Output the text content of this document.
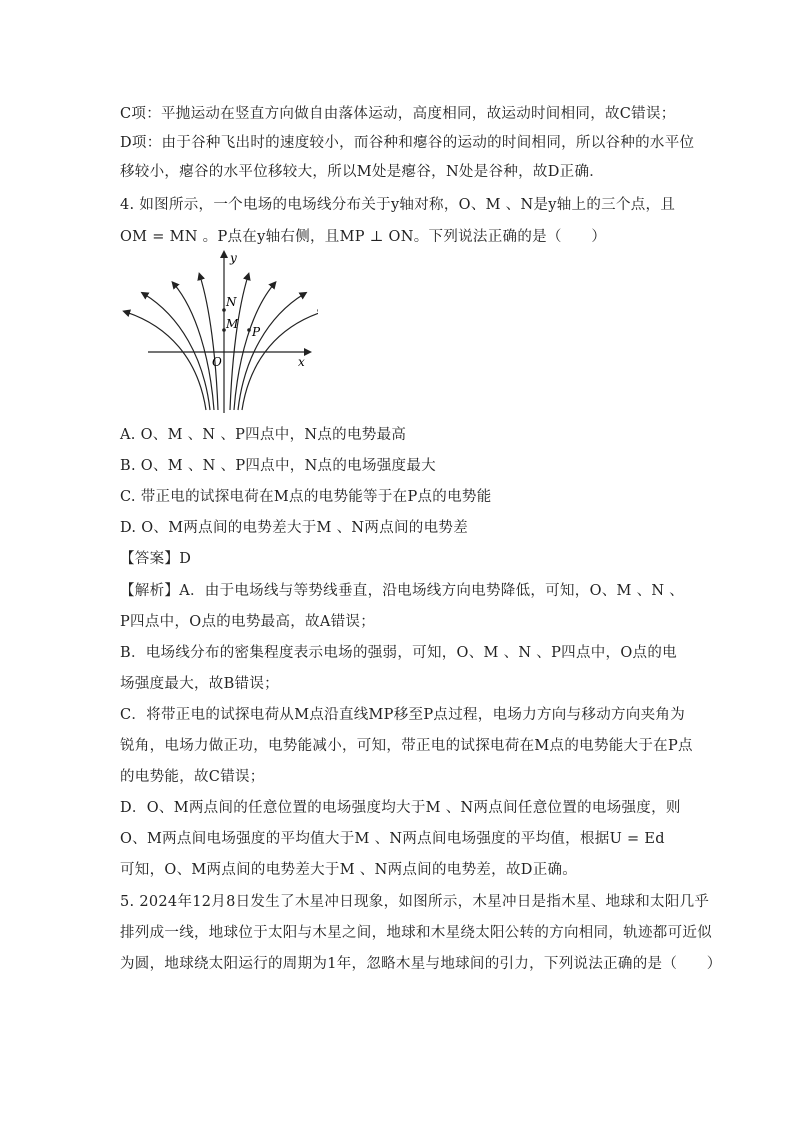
C项：平抛运动在竖直方向做自由落体运动，高度相同，故运动时间相同，故C错误；
D项：由于谷种飞出时的速度较小，而谷种和瘪谷的运动的时间相同，所以谷种的水平位
移较小，瘪谷的水平位移较大，所以M处是瘪谷，N处是谷种，故D正确．
4. 如图所示，一个电场的电场线分布关于y轴对称，O、M 、N是y轴上的三个点，且
OM = MN 。P点在y轴右侧，且MP ⊥ ON。下列说法正确的是（　　）
y
x
N
M
P
O
A. O、M 、N 、P四点中，N点的电势最高
B. O、M 、N 、P四点中，N点的电场强度最大
C. 带正电的试探电荷在M点的电势能等于在P点的电势能
D. O、M两点间的电势差大于M 、N两点间的电势差
【答案】D
【解析】A．由于电场线与等势线垂直，沿电场线方向电势降低，可知，O、M 、N 、
P四点中，O点的电势最高，故A错误；
B．电场线分布的密集程度表示电场的强弱，可知，O、M 、N 、P四点中，O点的电
场强度最大，故B错误；
C．将带正电的试探电荷从M点沿直线MP移至P点过程，电场力方向与移动方向夹角为
锐角，电场力做正功，电势能减小，可知，带正电的试探电荷在M点的电势能大于在P点
的电势能，故C错误；
D．O、M两点间的任意位置的电场强度均大于M 、N两点间任意位置的电场强度，则
O、M两点间电场强度的平均值大于M 、N两点间电场强度的平均值，根据U = Ed
可知，O、M两点间的电势差大于M 、N两点间的电势差，故D正确。
5. 2024年12月8日发生了木星冲日现象，如图所示，木星冲日是指木星、地球和太阳几乎
排列成一线，地球位于太阳与木星之间，地球和木星绕太阳公转的方向相同，轨迹都可近似
为圆，地球绕太阳运行的周期为1年，忽略木星与地球间的引力，下列说法正确的是（　　）
